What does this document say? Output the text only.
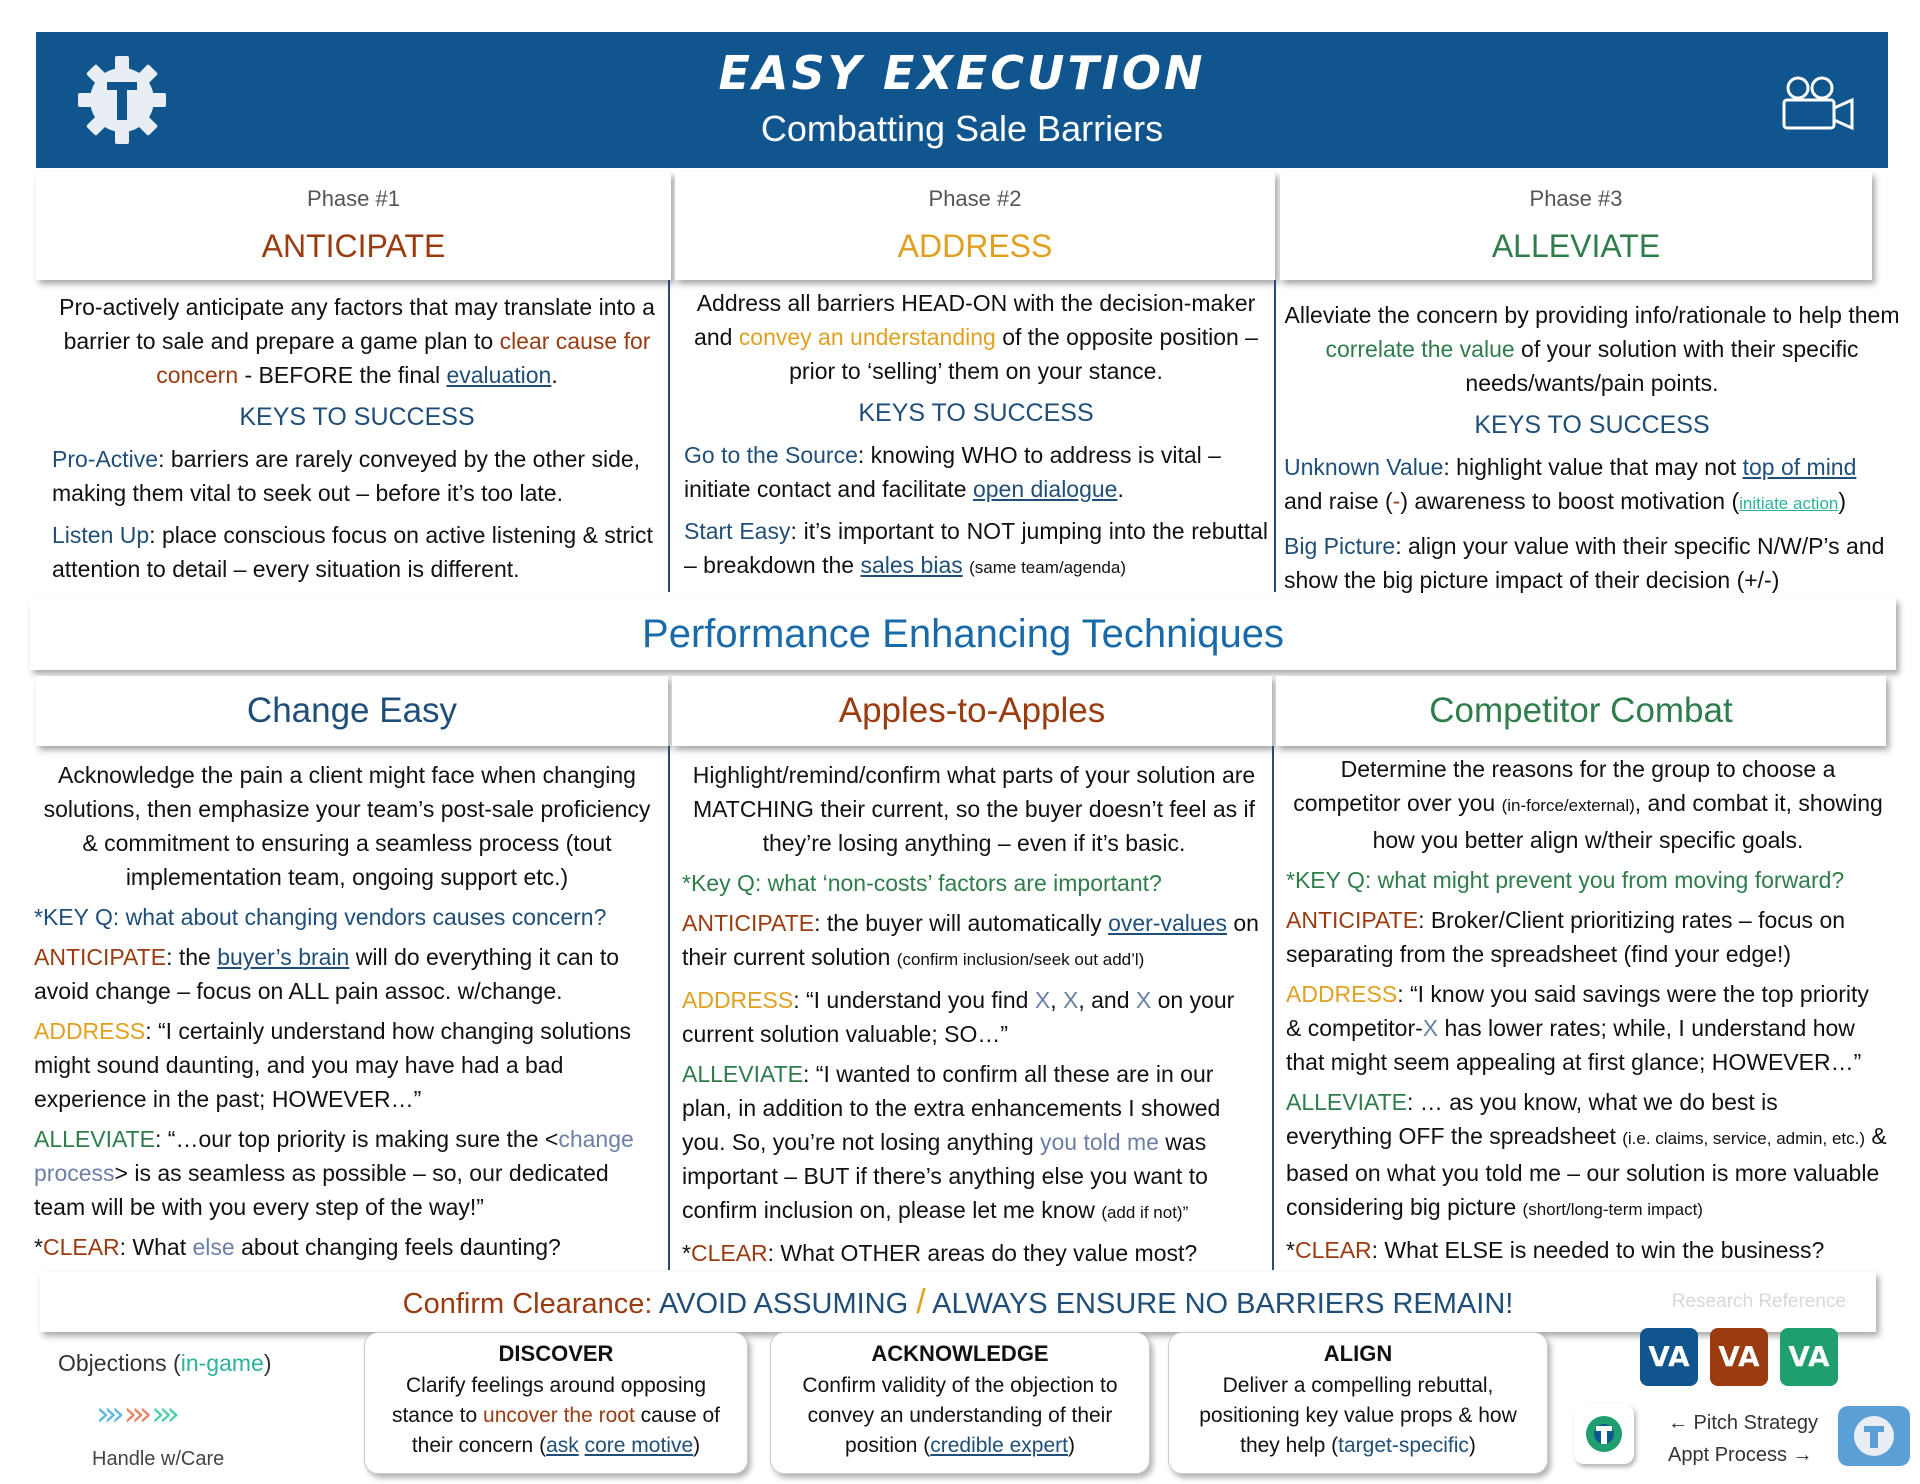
EASY EXECUTION
Combatting Sale Barriers
Phase #1
ANTICIPATE
Phase #2
ADDRESS
Phase #3
ALLEVIATE

Pro-actively anticipate any factors that may translate into a barrier to sale and prepare a game plan to clear cause for concern - BEFORE the final evaluation.

KEYS TO SUCCESS

Pro-Active: barriers are rarely conveyed by the other side, making them vital to seek out – before it’s too late.

Listen Up: place conscious focus on active listening & strict attention to detail – every situation is different.

Address all barriers HEAD-ON with the decision-maker and convey an understanding of the opposite position – prior to ‘selling’ them on your stance.

KEYS TO SUCCESS

Go to the Source: knowing WHO to address is vital – initiate contact and facilitate open dialogue.

Start Easy: it’s important to NOT jumping into the rebuttal – breakdown the sales bias (same team/agenda)

Alleviate the concern by providing info/rationale to help them correlate the value of your solution with their specific needs/wants/pain points.

KEYS TO SUCCESS

Unknown Value: highlight value that may not top of mind and raise (-) awareness to boost motivation (initiate action)

Big Picture: align your value with their specific N/W/P’s and show the big picture impact of their decision (+/-)

Performance Enhancing Techniques
Change Easy	Apples-to-Apples	Competitor Combat

Acknowledge the pain a client might face when changing solutions, then emphasize your team’s post-sale proficiency & commitment to ensuring a seamless process (tout implementation team, ongoing support etc.)

*KEY Q: what about changing vendors causes concern?

ANTICIPATE: the buyer’s brain will do everything it can to avoid change – focus on ALL pain assoc. w/change.

ADDRESS: “I certainly understand how changing solutions might sound daunting, and you may have had a bad experience in the past; HOWEVER…”

ALLEVIATE: “…our top priority is making sure the <change process> is as seamless as possible – so, our dedicated team will be with you every step of the way!”

*CLEAR: What else about changing feels daunting?

Highlight/remind/confirm what parts of your solution are MATCHING their current, so the buyer doesn’t feel as if they’re losing anything – even if it’s basic.

*Key Q: what ‘non-costs’ factors are important?

ANTICIPATE: the buyer will automatically over-values on their current solution (confirm inclusion/seek out add’l)

ADDRESS: “I understand you find X, X, and X on your current solution valuable; SO…”

ALLEVIATE: “I wanted to confirm all these are in our plan, in addition to the extra enhancements I showed you. So, you’re not losing anything you told me was important – BUT if there’s anything else you want to confirm inclusion on, please let me know (add if not)”

*CLEAR: What OTHER areas do they value most?

Determine the reasons for the group to choose a competitor over you (in-force/external), and combat it, showing how you better align w/their specific goals.

*KEY Q: what might prevent you from moving forward?

ANTICIPATE: Broker/Client prioritizing rates – focus on separating from the spreadsheet (find your edge!)

ADDRESS: “I know you said savings were the top priority & competitor-X has lower rates; while, I understand how that might seem appealing at first glance; HOWEVER…”

ALLEVIATE: … as you know, what we do best is everything OFF the spreadsheet (i.e. claims, service, admin, etc.) & based on what you told me – our solution is more valuable considering big picture (short/long-term impact)

*CLEAR: What ELSE is needed to win the business?

Confirm Clearance: AVOID ASSUMING / ALWAYS ENSURE NO BARRIERS REMAIN!	Research Reference
Objections (in-game)
››› ››› ›››
Handle w/Care
DISCOVER
Clarify feelings around opposing stance to uncover the root cause of their concern (ask core motive)
ACKNOWLEDGE
Confirm validity of the objection to convey an understanding of their position (credible expert)
ALIGN
Deliver a compelling rebuttal, positioning key value props & how they help (target-specific)
VA VA VA
← Pitch Strategy
Appt Process →
